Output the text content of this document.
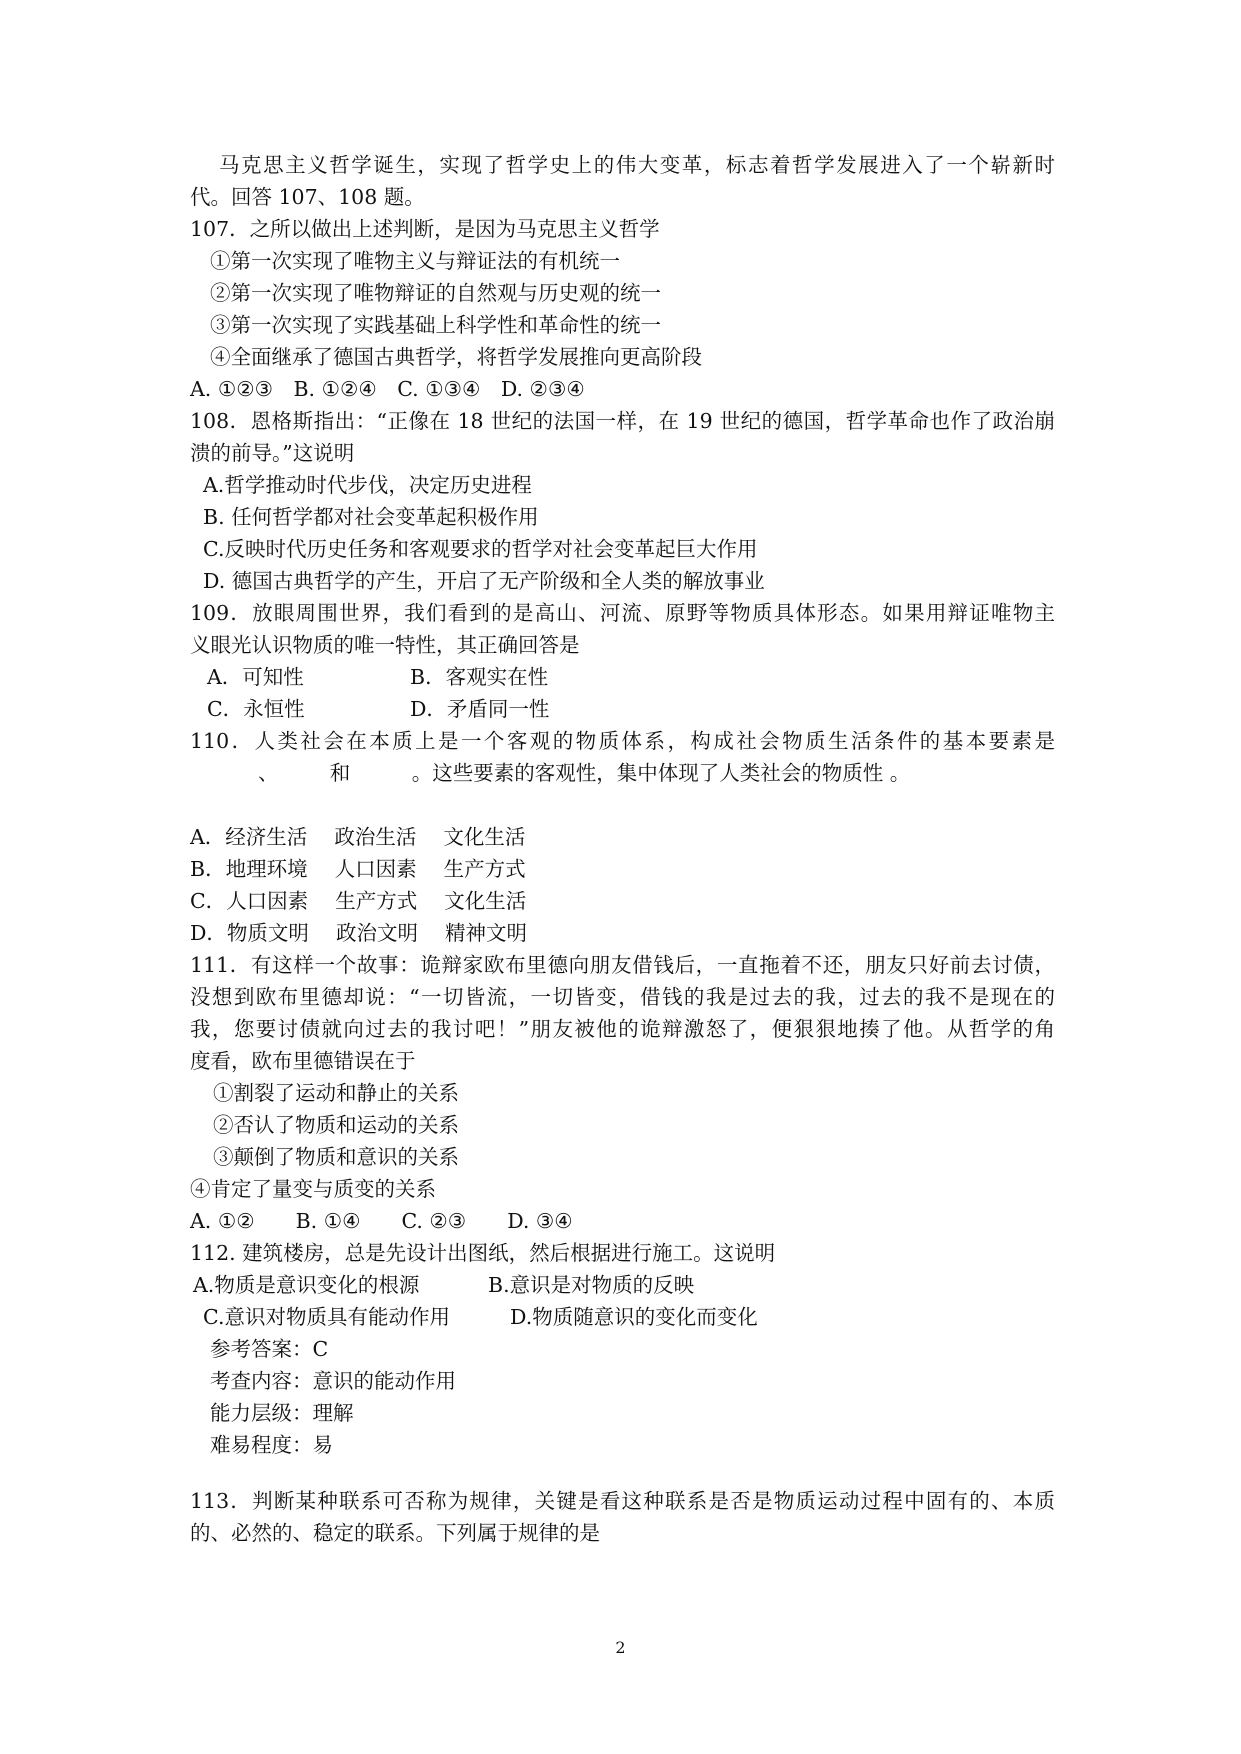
马克思主义哲学诞生，实现了哲学史上的伟大变革，标志着哲学发展进入了一个崭新时
代。回答 107、108 题。
107．之所以做出上述判断，是因为马克思主义哲学
①第一次实现了唯物主义与辩证法的有机统一
②第一次实现了唯物辩证的自然观与历史观的统一
③第一次实现了实践基础上科学性和革命性的统一
④全面继承了德国古典哲学，将哲学发展推向更高阶段
A. ①②③　B. ①②④　C. ①③④　D. ②③④
108．恩格斯指出：“正像在 18 世纪的法国一样，在 19 世纪的德国，哲学革命也作了政治崩
溃的前导。”这说明
A.哲学推动时代步伐，决定历史进程
B. 任何哲学都对社会变革起积极作用
C.反映时代历史任务和客观要求的哲学对社会变革起巨大作用
D. 德国古典哲学的产生，开启了无产阶级和全人类的解放事业
109．放眼周围世界，我们看到的是高山、河流、原野等物质具体形态。如果用辩证唯物主
义眼光认识物质的唯一特性，其正确回答是
A．可知性	B．客观实在性
C．永恒性	D．矛盾同一性
110．人类社会在本质上是一个客观的物质体系，构成社会物质生活条件的基本要素是
、　　　和　　　。这些要素的客观性，集中体现了人类社会的物质性 。
A．经济生活　 政治生活　 文化生活
B．地理环境　 人口因素　 生产方式
C．人口因素　 生产方式　 文化生活
D．物质文明　 政治文明　 精神文明
111．有这样一个故事：诡辩家欧布里德向朋友借钱后，一直拖着不还，朋友只好前去讨债，
没想到欧布里德却说：“一切皆流，一切皆变，借钱的我是过去的我，过去的我不是现在的
我，您要讨债就向过去的我讨吧！”朋友被他的诡辩激怒了，便狠狠地揍了他。从哲学的角
度看，欧布里德错误在于
①割裂了运动和静止的关系
②否认了物质和运动的关系
③颠倒了物质和意识的关系
④肯定了量变与质变的关系
A. ①②　　B. ①④　　C. ②③　　D. ③④
112. 建筑楼房，总是先设计出图纸，然后根据进行施工。这说明
A.物质是意识变化的根源	B.意识是对物质的反映
C.意识对物质具有能动作用	D.物质随意识的变化而变化
参考答案：C
考查内容：意识的能动作用
能力层级：理解
难易程度：易
113．判断某种联系可否称为规律，关键是看这种联系是否是物质运动过程中固有的、本质
的、必然的、稳定的联系。下列属于规律的是
2
